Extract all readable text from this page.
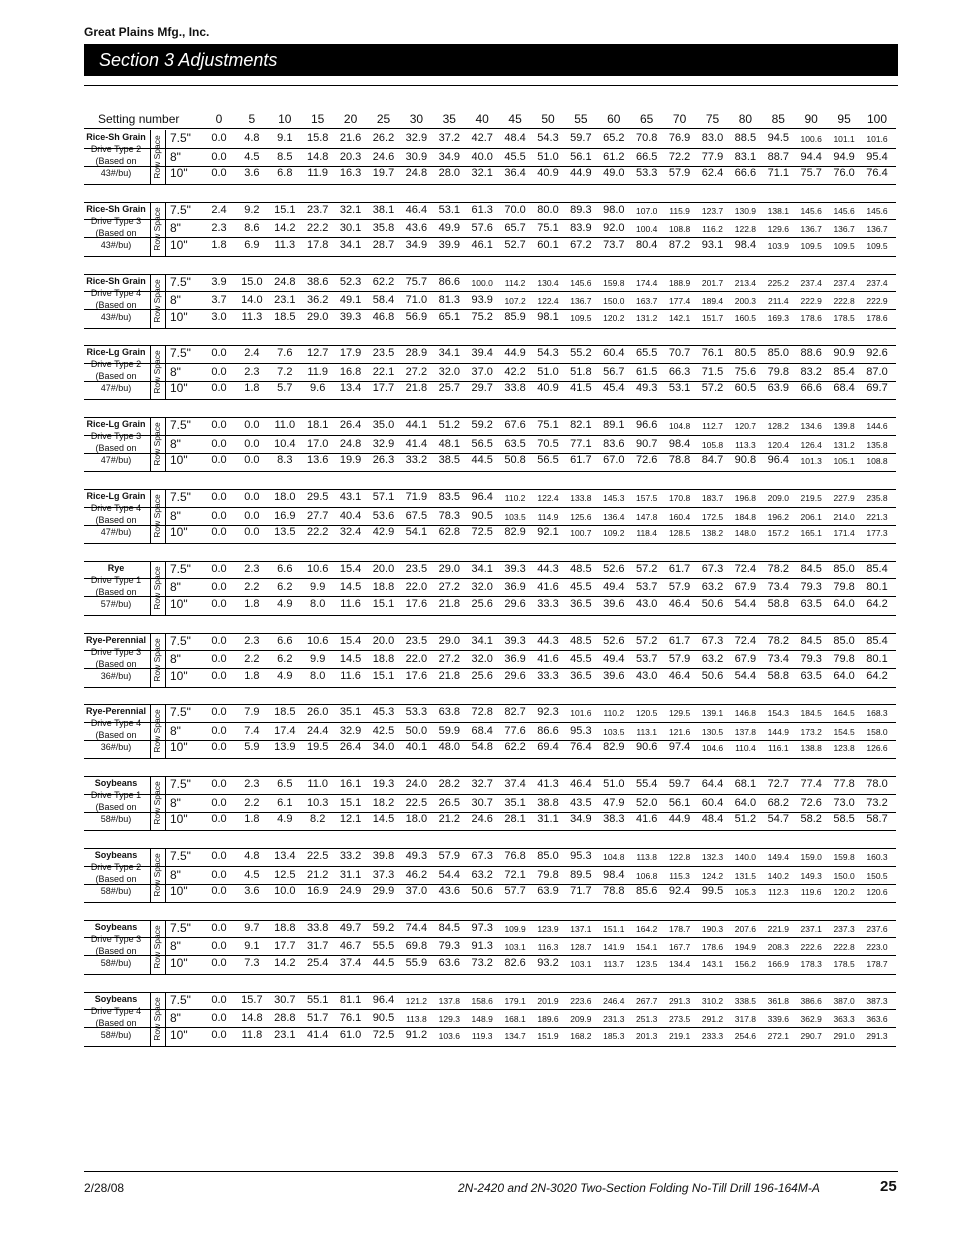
Great Plains Mfg., Inc.
Section 3 Adjustments
Setting number	0	5	10	15	20	25	30	35	40	45	50	55	60	65	70	75	80	85	90	95	100
Rice-Sh Grain
Drive Type 2
(Based on
43#/bu)	Row Space 7.5"	0.0	4.8	9.1	15.8	21.6	26.2	32.9	37.2	42.7	48.4	54.3	59.7	65.2	70.8	76.9	83.0	88.5	94.5	100.6	101.1	101.6
8"	0.0	4.5	8.5	14.8	20.3	24.6	30.9	34.9	40.0	45.5	51.0	56.1	61.2	66.5	72.2	77.9	83.1	88.7	94.4	94.9	95.4
10"	0.0	3.6	6.8	11.9	16.3	19.7	24.8	28.0	32.1	36.4	40.9	44.9	49.0	53.3	57.9	62.4	66.6	71.1	75.7	76.0	76.4
Rice-Sh Grain
Drive Type 3
(Based on
43#/bu)	Row Space 7.5"	2.4	9.2	15.1	23.7	32.1	38.1	46.4	53.1	61.3	70.0	80.0	89.3	98.0	107.0	115.9	123.7	130.9	138.1	145.6	145.6	145.6
8"	2.3	8.6	14.2	22.2	30.1	35.8	43.6	49.9	57.6	65.7	75.1	83.9	92.0	100.4	108.8	116.2	122.8	129.6	136.7	136.7	136.7
10"	1.8	6.9	11.3	17.8	34.1	28.7	34.9	39.9	46.1	52.7	60.1	67.2	73.7	80.4	87.2	93.1	98.4	103.9	109.5	109.5	109.5
Rice-Sh Grain
Drive Type 4
(Based on
43#/bu)	Row Space 7.5"	3.9	15.0	24.8	38.6	52.3	62.2	75.7	86.6	100.0	114.2	130.4	145.6	159.8	174.4	188.9	201.7	213.4	225.2	237.4	237.4	237.4
8"	3.7	14.0	23.1	36.2	49.1	58.4	71.0	81.3	93.9	107.2	122.4	136.7	150.0	163.7	177.4	189.4	200.3	211.4	222.9	222.8	222.9
10"	3.0	11.3	18.5	29.0	39.3	46.8	56.9	65.1	75.2	85.9	98.1	109.5	120.2	131.2	142.1	151.7	160.5	169.3	178.6	178.5	178.6
Rice-Lg Grain
Drive Type 2
(Based on
47#/bu)	Row Space 7.5"	0.0	2.4	7.6	12.7	17.9	23.5	28.9	34.1	39.4	44.9	54.3	55.2	60.4	65.5	70.7	76.1	80.5	85.0	88.6	90.9	92.6
8"	0.0	2.3	7.2	11.9	16.8	22.1	27.2	32.0	37.0	42.2	51.0	51.8	56.7	61.5	66.3	71.5	75.6	79.8	83.2	85.4	87.0
10"	0.0	1.8	5.7	9.6	13.4	17.7	21.8	25.7	29.7	33.8	40.9	41.5	45.4	49.3	53.1	57.2	60.5	63.9	66.6	68.4	69.7
Rice-Lg Grain
Drive Type 3
(Based on
47#/bu)	Row Space 7.5"	0.0	0.0	11.0	18.1	26.4	35.0	44.1	51.2	59.2	67.6	75.1	82.1	89.1	96.6	104.8	112.7	120.7	128.2	134.6	139.8	144.6
8"	0.0	0.0	10.4	17.0	24.8	32.9	41.4	48.1	56.5	63.5	70.5	77.1	83.6	90.7	98.4	105.8	113.3	120.4	126.4	131.2	135.8
10"	0.0	0.0	8.3	13.6	19.9	26.3	33.2	38.5	44.5	50.8	56.5	61.7	67.0	72.6	78.8	84.7	90.8	96.4	101.3	105.1	108.8
Rice-Lg Grain
Drive Type 4
(Based on
47#/bu)	Row Space 7.5"	0.0	0.0	18.0	29.5	43.1	57.1	71.9	83.5	96.4	110.2	122.4	133.8	145.3	157.5	170.8	183.7	196.8	209.0	219.5	227.9	235.8
8"	0.0	0.0	16.9	27.7	40.4	53.6	67.5	78.3	90.5	103.5	114.9	125.6	136.4	147.8	160.4	172.5	184.8	196.2	206.1	214.0	221.3
10"	0.0	0.0	13.5	22.2	32.4	42.9	54.1	62.8	72.5	82.9	92.1	100.7	109.2	118.4	128.5	138.2	148.0	157.2	165.1	171.4	177.3
Rye
Drive Type 1
(Based on
57#/bu)	Row Space 7.5"	0.0	2.3	6.6	10.6	15.4	20.0	23.5	29.0	34.1	39.3	44.3	48.5	52.6	57.2	61.7	67.3	72.4	78.2	84.5	85.0	85.4
8"	0.0	2.2	6.2	9.9	14.5	18.8	22.0	27.2	32.0	36.9	41.6	45.5	49.4	53.7	57.9	63.2	67.9	73.4	79.3	79.8	80.1
10"	0.0	1.8	4.9	8.0	11.6	15.1	17.6	21.8	25.6	29.6	33.3	36.5	39.6	43.0	46.4	50.6	54.4	58.8	63.5	64.0	64.2
Rye-Perennial
Drive Type 3
(Based on
36#/bu)	Row Space 7.5"	0.0	2.3	6.6	10.6	15.4	20.0	23.5	29.0	34.1	39.3	44.3	48.5	52.6	57.2	61.7	67.3	72.4	78.2	84.5	85.0	85.4
8"	0.0	2.2	6.2	9.9	14.5	18.8	22.0	27.2	32.0	36.9	41.6	45.5	49.4	53.7	57.9	63.2	67.9	73.4	79.3	79.8	80.1
10"	0.0	1.8	4.9	8.0	11.6	15.1	17.6	21.8	25.6	29.6	33.3	36.5	39.6	43.0	46.4	50.6	54.4	58.8	63.5	64.0	64.2
Rye-Perennial
Drive Type 4
(Based on
36#/bu)	Row Space 7.5"	0.0	7.9	18.5	26.0	35.1	45.3	53.3	63.8	72.8	82.7	92.3	101.6	110.2	120.5	129.5	139.1	146.8	154.3	184.5	164.5	168.3
8"	0.0	7.4	17.4	24.4	32.9	42.5	50.0	59.9	68.4	77.6	86.6	95.3	103.5	113.1	121.6	130.5	137.8	144.9	173.2	154.5	158.0
10"	0.0	5.9	13.9	19.5	26.4	34.0	40.1	48.0	54.8	62.2	69.4	76.4	82.9	90.6	97.4	104.6	110.4	116.1	138.8	123.8	126.6
Soybeans
Drive Type 1
(Based on
58#/bu)	Row Space 7.5"	0.0	2.3	6.5	11.0	16.1	19.3	24.0	28.2	32.7	37.4	41.3	46.4	51.0	55.4	59.7	64.4	68.1	72.7	77.4	77.8	78.0
8"	0.0	2.2	6.1	10.3	15.1	18.2	22.5	26.5	30.7	35.1	38.8	43.5	47.9	52.0	56.1	60.4	64.0	68.2	72.6	73.0	73.2
10"	0.0	1.8	4.9	8.2	12.1	14.5	18.0	21.2	24.6	28.1	31.1	34.9	38.3	41.6	44.9	48.4	51.2	54.7	58.2	58.5	58.7
Soybeans
Drive Type 2
(Based on
58#/bu)	Row Space 7.5"	0.0	4.8	13.4	22.5	33.2	39.8	49.3	57.9	67.3	76.8	85.0	95.3	104.8	113.8	122.8	132.3	140.0	149.4	159.0	159.8	160.3
8"	0.0	4.5	12.5	21.2	31.1	37.3	46.2	54.4	63.2	72.1	79.8	89.5	98.4	106.8	115.3	124.2	131.5	140.2	149.3	150.0	150.5
10"	0.0	3.6	10.0	16.9	24.9	29.9	37.0	43.6	50.6	57.7	63.9	71.7	78.8	85.6	92.4	99.5	105.3	112.3	119.6	120.2	120.6
Soybeans
Drive Type 3
(Based on
58#/bu)	Row Space 7.5"	0.0	9.7	18.8	33.8	49.7	59.2	74.4	84.5	97.3	109.9	123.9	137.1	151.1	164.2	178.7	190.3	207.6	221.9	237.1	237.3	237.6
8"	0.0	9.1	17.7	31.7	46.7	55.5	69.8	79.3	91.3	103.1	116.3	128.7	141.9	154.1	167.7	178.6	194.9	208.3	222.6	222.8	223.0
10"	0.0	7.3	14.2	25.4	37.4	44.5	55.9	63.6	73.2	82.6	93.2	103.1	113.7	123.5	134.4	143.1	156.2	166.9	178.3	178.5	178.7
Soybeans
Drive Type 4
(Based on
58#/bu)	Row Space 7.5"	0.0	15.7	30.7	55.1	81.1	96.4	121.2	137.8	158.6	179.1	201.9	223.6	246.4	267.7	291.3	310.2	338.5	361.8	386.6	387.0	387.3
8"	0.0	14.8	28.8	51.7	76.1	90.5	113.8	129.3	148.9	168.1	189.6	209.9	231.3	251.3	273.5	291.2	317.8	339.6	362.9	363.3	363.6
10"	0.0	11.8	23.1	41.4	61.0	72.5	91.2	103.6	119.3	134.7	151.9	168.2	185.3	201.3	219.1	233.3	254.6	272.1	290.7	291.0	291.3
2/28/08	2N-2420 and 2N-3020 Two-Section Folding No-Till Drill 196-164M-A	25
